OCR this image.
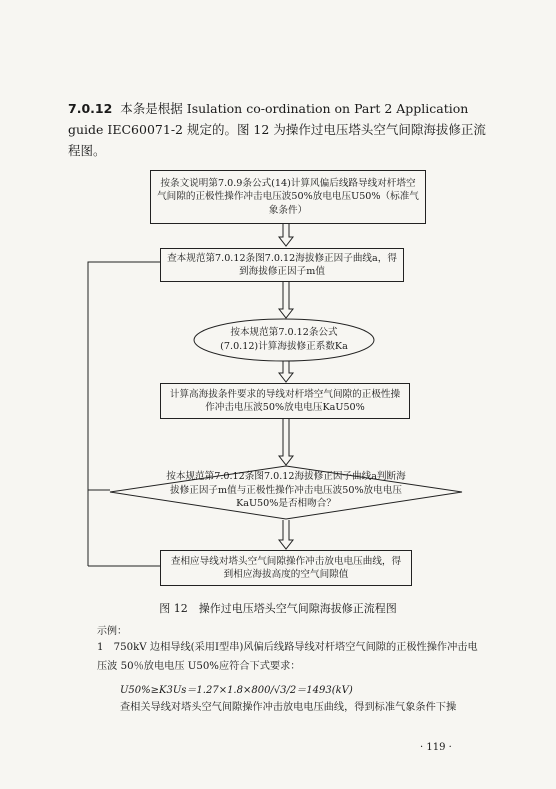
7.0.12 本条是根据 Isulation co-ordination on Part 2 Application guide IEC60071-2 规定的。图 12 为操作过电压塔头空气间隙海拔修正流程图。
按条文说明第7.0.9条公式(14)计算风偏后线路导线对杆塔空气间隙的正极性操作冲击电压波50%放电电压U50%（标准气象条件）
查本规范第7.0.12条图7.0.12海拔修正因子曲线a，得到海拔修正因子m值
按本规范第7.0.12条公式(7.0.12)计算海拔修正系数Ka
计算高海拔条件要求的导线对杆塔空气间隙的正极性操作冲击电压波50%放电电压KaU50%
按本规范第7.0.12条图7.0.12海拔修正因子曲线a判断海拔修正因子m值与正极性操作冲击电压波50%放电电压KaU50%是否相吻合？
查相应导线对塔头空气间隙操作冲击放电电压曲线，得到相应海拔高度的空气间隙值
图 12　操作过电压塔头空气间隙海拔修正流程图
示例：
1　750kV 边相导线(采用Ⅰ型串)风偏后线路导线对杆塔空气间隙的正极性操作冲击电压波 50％放电电压 U50%应符合下式要求：
U50%≥K3Us＝1.27×1.8×800/√3/2＝1493(kV)
查相关导线对塔头空气间隙操作冲击放电电压曲线，得到标准气象条件下操
· 119 ·
